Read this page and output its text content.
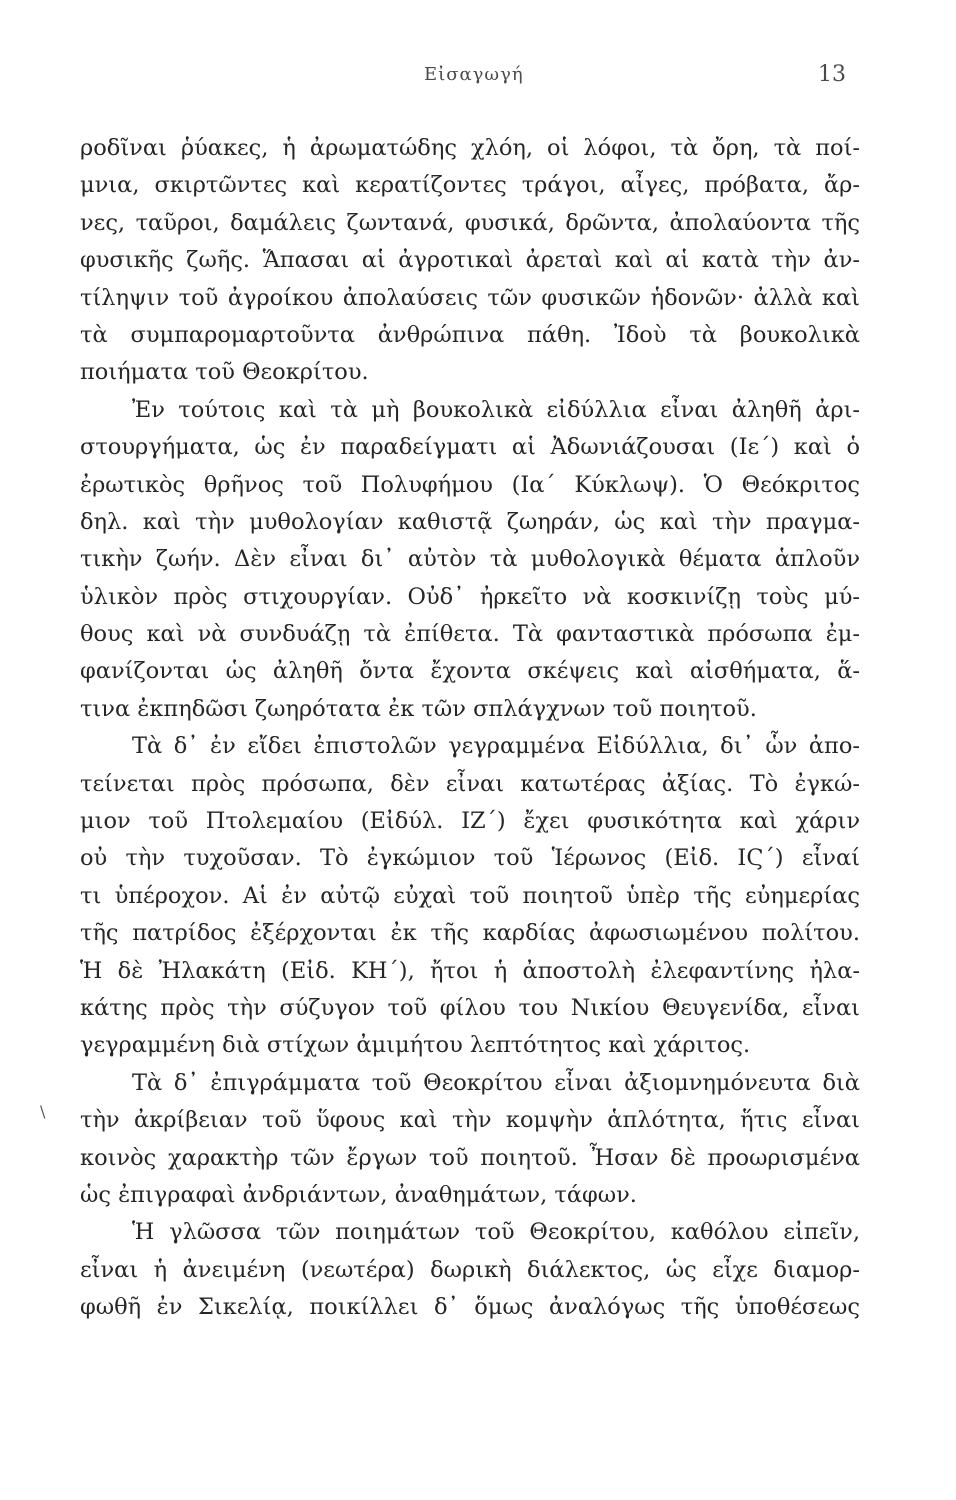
Εἰσαγωγή	13
\
ροδῖναι ῥύακες, ἡ ἀρωματώδης χλόη, οἱ λόφοι, τὰ ὄρη, τὰ ποί-
μνια, σκιρτῶντες καὶ κερατίζοντες τράγοι, αἶγες, πρόβατα, ἄρ-
νες, ταῦροι, δαμάλεις ζωντανά, φυσικά, δρῶντα, ἀπολαύοντα τῆς
φυσικῆς ζωῆς. Ἅπασαι αἱ ἀγροτικαὶ ἀρεταὶ καὶ αἱ κατὰ τὴν ἀν-
τίληψιν τοῦ ἀγροίκου ἀπολαύσεις τῶν φυσικῶν ἡδονῶν· ἀλλὰ καὶ
τὰ συμπαρομαρτοῦντα ἀνθρώπινα πάθη. Ἰδοὺ τὰ βουκολικὰ
ποιήματα τοῦ Θεοκρίτου.
Ἐν τούτοις καὶ τὰ μὴ βουκολικὰ εἰδύλλια εἶναι ἀληθῆ ἀρι-
στουργήματα, ὡς ἐν παραδείγματι αἱ Ἀδωνιάζουσαι (Ιε΄) καὶ ὁ
ἐρωτικὸς θρῆνος τοῦ Πολυφήμου (Ια΄ Κύκλωψ). Ὁ Θεόκριτος
δηλ. καὶ τὴν μυθολογίαν καθιστᾷ ζωηράν, ὡς καὶ τὴν πραγμα-
τικὴν ζωήν. Δὲν εἶναι δι᾽ αὐτὸν τὰ μυθολογικὰ θέματα ἁπλοῦν
ὑλικὸν πρὸς στιχουργίαν. Οὐδ᾽ ἠρκεῖτο νὰ κοσκινίζῃ τοὺς μύ-
θους καὶ νὰ συνδυάζῃ τὰ ἐπίθετα. Τὰ φανταστικὰ πρόσωπα ἐμ-
φανίζονται ὡς ἀληθῆ ὄντα ἔχοντα σκέψεις καὶ αἰσθήματα, ἅ-
τινα ἐκπηδῶσι ζωηρότατα ἐκ τῶν σπλάγχνων τοῦ ποιητοῦ.
Τὰ δ᾽ ἐν εἴδει ἐπιστολῶν γεγραμμένα Εἰδύλλια, δι᾽ ὧν ἀπο-
τείνεται πρὸς πρόσωπα, δὲν εἶναι κατωτέρας ἀξίας. Τὸ ἐγκώ-
μιον τοῦ Πτολεμαίου (Εἰδύλ. ΙΖ΄) ἔχει φυσικότητα καὶ χάριν
οὐ τὴν τυχοῦσαν. Τὸ ἐγκώμιον τοῦ Ἱέρωνος (Εἰδ. ΙϚ΄) εἶναί
τι ὑπέροχον. Αἱ ἐν αὐτῷ εὐχαὶ τοῦ ποιητοῦ ὑπὲρ τῆς εὐημερίας
τῆς πατρίδος ἐξέρχονται ἐκ τῆς καρδίας ἀφωσιωμένου πολίτου.
Ἡ δὲ Ἠλακάτη (Εἰδ. ΚΗ΄), ἤτοι ἡ ἀποστολὴ ἐλεφαντίνης ἠλα-
κάτης πρὸς τὴν σύζυγον τοῦ φίλου του Νικίου Θευγενίδα, εἶναι
γεγραμμένη διὰ στίχων ἀμιμήτου λεπτότητος καὶ χάριτος.
Τὰ δ᾽ ἐπιγράμματα τοῦ Θεοκρίτου εἶναι ἀξιομνημόνευτα διὰ
τὴν ἀκρίβειαν τοῦ ὕφους καὶ τὴν κομψὴν ἁπλότητα, ἥτις εἶναι
κοινὸς χαρακτὴρ τῶν ἔργων τοῦ ποιητοῦ. Ἦσαν δὲ προωρισμένα
ὡς ἐπιγραφαὶ ἀνδριάντων, ἀναθημάτων, τάφων.
Ἡ γλῶσσα τῶν ποιημάτων τοῦ Θεοκρίτου, καθόλου εἰπεῖν,
εἶναι ἡ ἀνειμένη (νεωτέρα) δωρικὴ διάλεκτος, ὡς εἶχε διαμορ-
φωθῆ ἐν Σικελίᾳ, ποικίλλει δ᾽ ὅμως ἀναλόγως τῆς ὑποθέσεως
